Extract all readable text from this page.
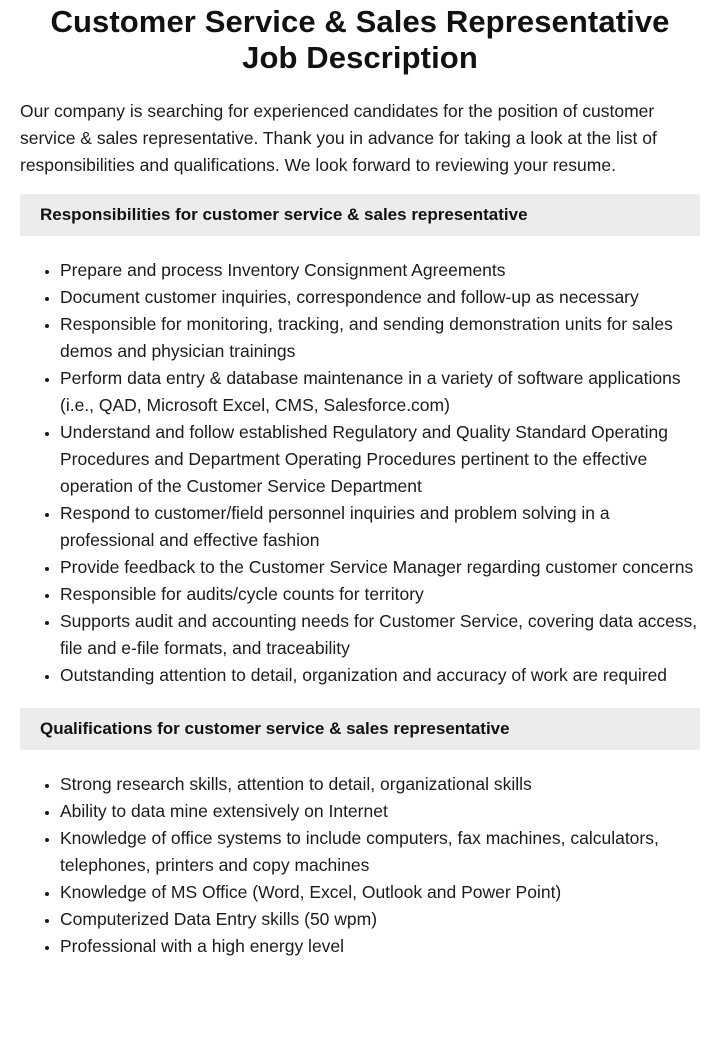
Customer Service & Sales Representative Job Description

Our company is searching for experienced candidates for the position of customer service & sales representative. Thank you in advance for taking a look at the list of responsibilities and qualifications. We look forward to reviewing your resume.

Responsibilities for customer service & sales representative
• Prepare and process Inventory Consignment Agreements
• Document customer inquiries, correspondence and follow-up as necessary
• Responsible for monitoring, tracking, and sending demonstration units for sales demos and physician trainings
• Perform data entry & database maintenance in a variety of software applications (i.e., QAD, Microsoft Excel, CMS, Salesforce.com)
• Understand and follow established Regulatory and Quality Standard Operating Procedures and Department Operating Procedures pertinent to the effective operation of the Customer Service Department
• Respond to customer/field personnel inquiries and problem solving in a professional and effective fashion
• Provide feedback to the Customer Service Manager regarding customer concerns
• Responsible for audits/cycle counts for territory
• Supports audit and accounting needs for Customer Service, covering data access, file and e-file formats, and traceability
• Outstanding attention to detail, organization and accuracy of work are required
Qualifications for customer service & sales representative
• Strong research skills, attention to detail, organizational skills
• Ability to data mine extensively on Internet
• Knowledge of office systems to include computers, fax machines, calculators, telephones, printers and copy machines
• Knowledge of MS Office (Word, Excel, Outlook and Power Point)
• Computerized Data Entry skills (50 wpm)
• Professional with a high energy level
